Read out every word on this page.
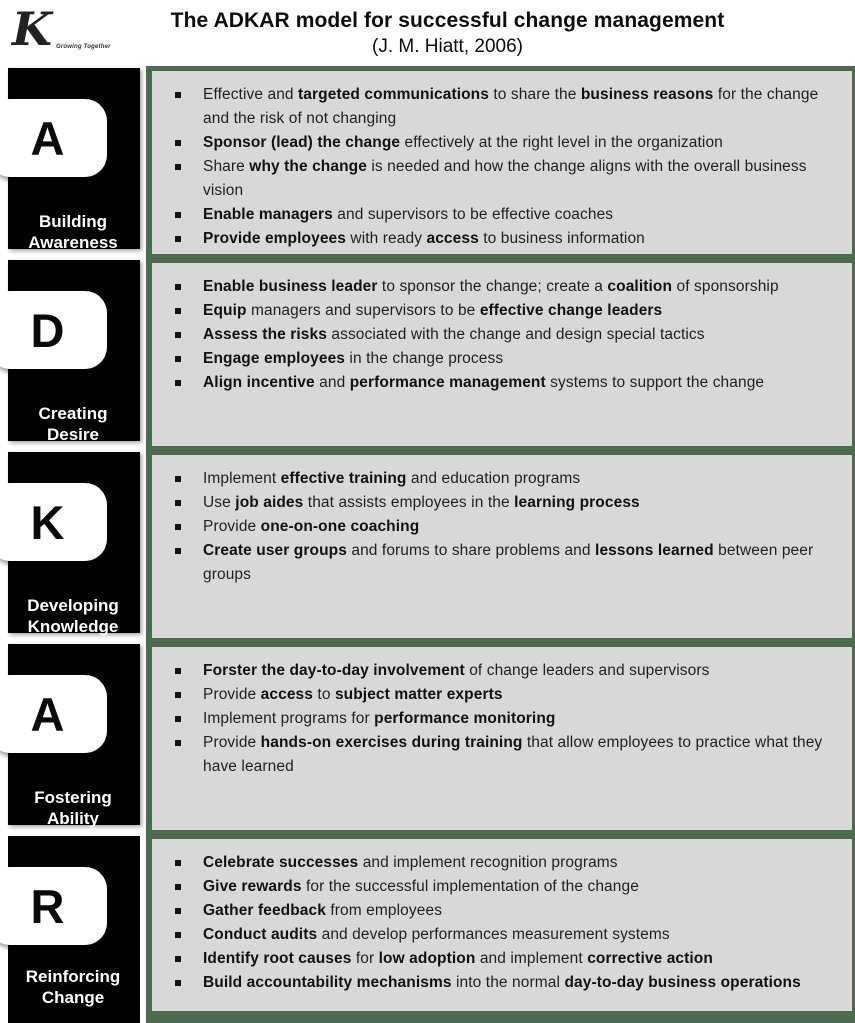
K Growing Together
The ADKAR model for successful change management
(J. M. Hiatt, 2006)
A
Building
Awareness
Effective and targeted communications to share the business reasons for the change and the risk of not changing
Sponsor (lead) the change effectively at the right level in the organization
Share why the change is needed and how the change aligns with the overall business vision
Enable managers and supervisors to be effective coaches
Provide employees with ready access to business information
D
Creating
Desire
Enable business leader to sponsor the change; create a coalition of sponsorship
Equip managers and supervisors to be effective change leaders
Assess the risks associated with the change and design special tactics
Engage employees in the change process
Align incentive and performance management systems to support the change
K
Developing
Knowledge
Implement effective training and education programs
Use job aides that assists employees in the learning process
Provide one-on-one coaching
Create user groups and forums to share problems and lessons learned between peer groups
A
Fostering
Ability
Forster the day-to-day involvement of change leaders and supervisors
Provide access to subject matter experts
Implement programs for performance monitoring
Provide hands-on exercises during training that allow employees to practice what they have learned
R
Reinforcing
Change
Celebrate successes and implement recognition programs
Give rewards for the successful implementation of the change
Gather feedback from employees
Conduct audits and develop performances measurement systems
Identify root causes for low adoption and implement corrective action
Build accountability mechanisms into the normal day-to-day business operations
